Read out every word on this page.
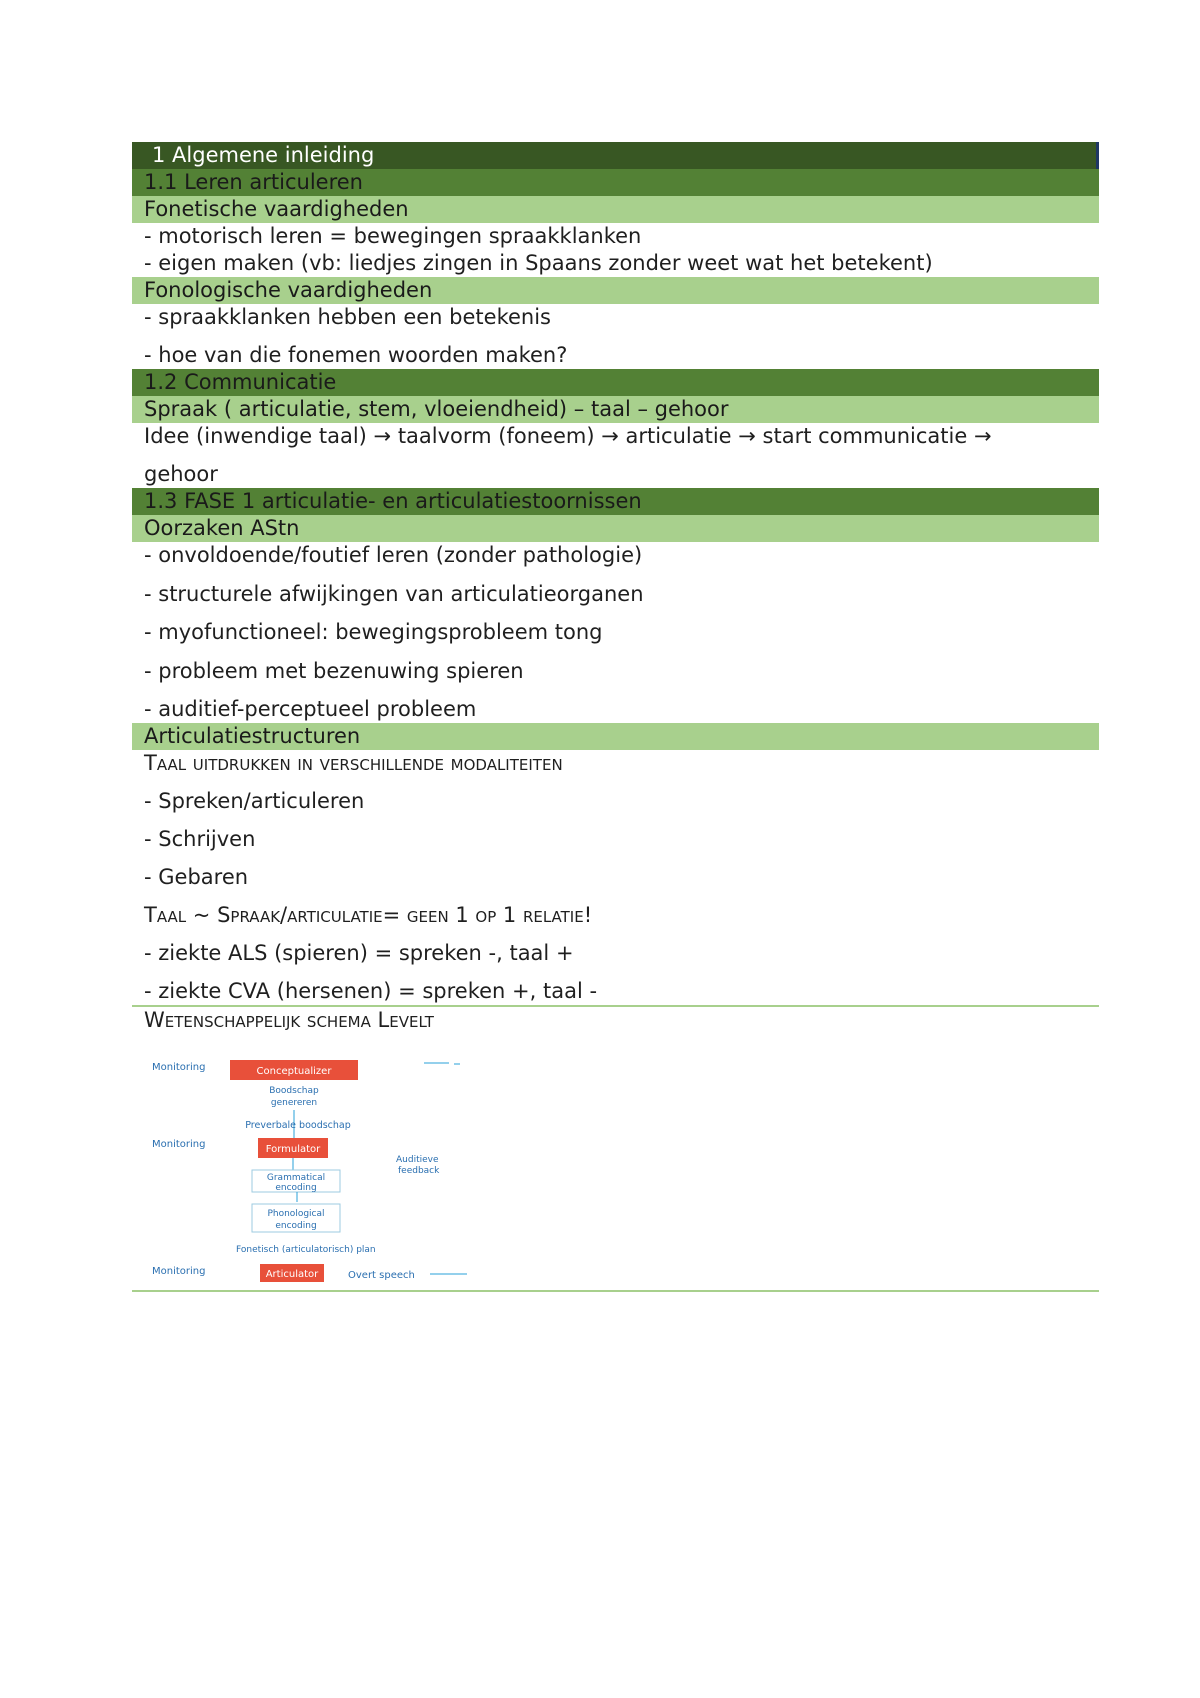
1 Algemene inleiding
1.1 Leren articuleren
Fonetische vaardigheden
- motorisch leren = bewegingen spraakklanken
- eigen maken (vb: liedjes zingen in Spaans zonder weet wat het betekent)
Fonologische vaardigheden
- spraakklanken hebben een betekenis
- hoe van die fonemen woorden maken?
1.2 Communicatie
Spraak ( articulatie, stem, vloeiendheid) – taal – gehoor
Idee (inwendige taal) → taalvorm (foneem) → articulatie → start communicatie →
gehoor
1.3 FASE 1 articulatie- en articulatiestoornissen
Oorzaken AStn
- onvoldoende/foutief leren (zonder pathologie)
- structurele afwijkingen van articulatieorganen
- myofunctioneel: bewegingsprobleem tong
- probleem met bezenuwing spieren
- auditief-perceptueel probleem
Articulatiestructuren
Taal uitdrukken in verschillende modaliteiten
- Spreken/articuleren
- Schrijven
- Gebaren
Taal ~ Spraak/articulatie= geen 1 op 1 relatie!
- ziekte ALS (spieren) = spreken -, taal +
- ziekte CVA (hersenen) = spreken +, taal -
Wetenschappelijk schema Levelt
Monitoring	Conceptualizer
Boodschap
genereren
Preverbale boodschap
Monitoring	Formulator
Grammatical
encoding
Phonological
encoding
Auditieve
feedback
Fonetisch (articulatorisch) plan
Monitoring	Articulator	Overt speech
